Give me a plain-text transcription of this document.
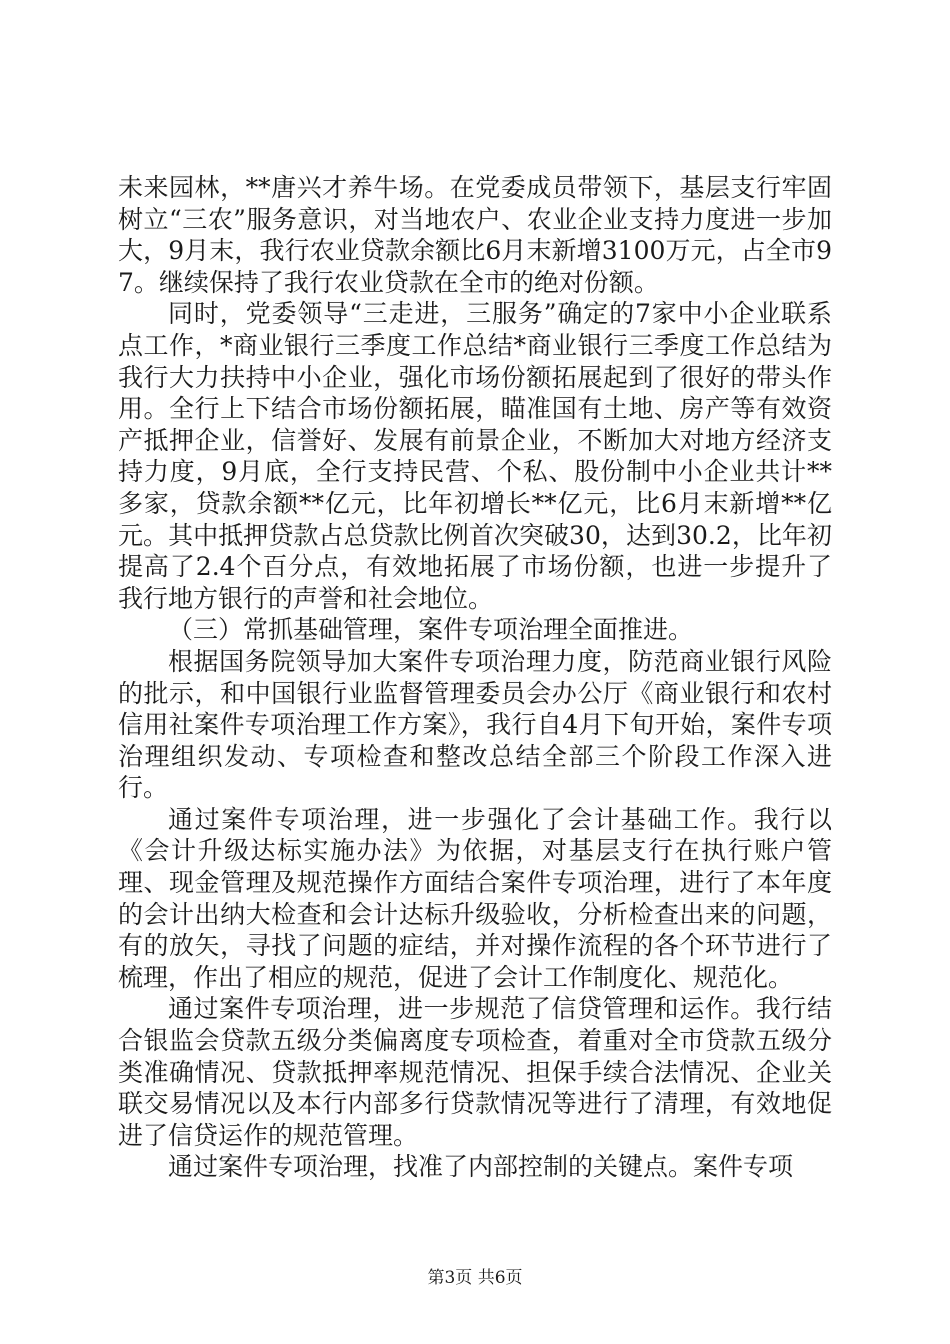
未来园林，**唐兴才养牛场。在党委成员带领下，基层支行牢固树立“三农”服务意识，对当地农户、农业企业支持力度进一步加大，9月末，我行农业贷款余额比6月末新增3100万元，占全市97。继续保持了我行农业贷款在全市的绝对份额。

同时，党委领导“三走进，三服务”确定的7家中小企业联系点工作，*商业银行三季度工作总结*商业银行三季度工作总结为我行大力扶持中小企业，强化市场份额拓展起到了很好的带头作用。全行上下结合市场份额拓展，瞄准国有土地、房产等有效资产抵押企业，信誉好、发展有前景企业，不断加大对地方经济支持力度，9月底，全行支持民营、个私、股份制中小企业共计**多家，贷款余额**亿元，比年初增长**亿元，比6月末新增**亿元。其中抵押贷款占总贷款比例首次突破30，达到30.2，比年初提高了2.4个百分点，有效地拓展了市场份额，也进一步提升了我行地方银行的声誉和社会地位。

（三）常抓基础管理，案件专项治理全面推进。

根据国务院领导加大案件专项治理力度，防范商业银行风险的批示，和中国银行业监督管理委员会办公厅《商业银行和农村信用社案件专项治理工作方案》，我行自4月下旬开始，案件专项治理组织发动、专项检查和整改总结全部三个阶段工作深入进行。

通过案件专项治理，进一步强化了会计基础工作。我行以《会计升级达标实施办法》为依据，对基层支行在执行账户管理、现金管理及规范操作方面结合案件专项治理，进行了本年度的会计出纳大检查和会计达标升级验收，分析检查出来的问题，有的放矢，寻找了问题的症结，并对操作流程的各个环节进行了梳理，作出了相应的规范，促进了会计工作制度化、规范化。

通过案件专项治理，进一步规范了信贷管理和运作。我行结合银监会贷款五级分类偏离度专项检查，着重对全市贷款五级分类准确情况、贷款抵押率规范情况、担保手续合法情况、企业关联交易情况以及本行内部多行贷款情况等进行了清理，有效地促进了信贷运作的规范管理。

通过案件专项治理，找准了内部控制的关键点。案件专项

第3页 共6页
